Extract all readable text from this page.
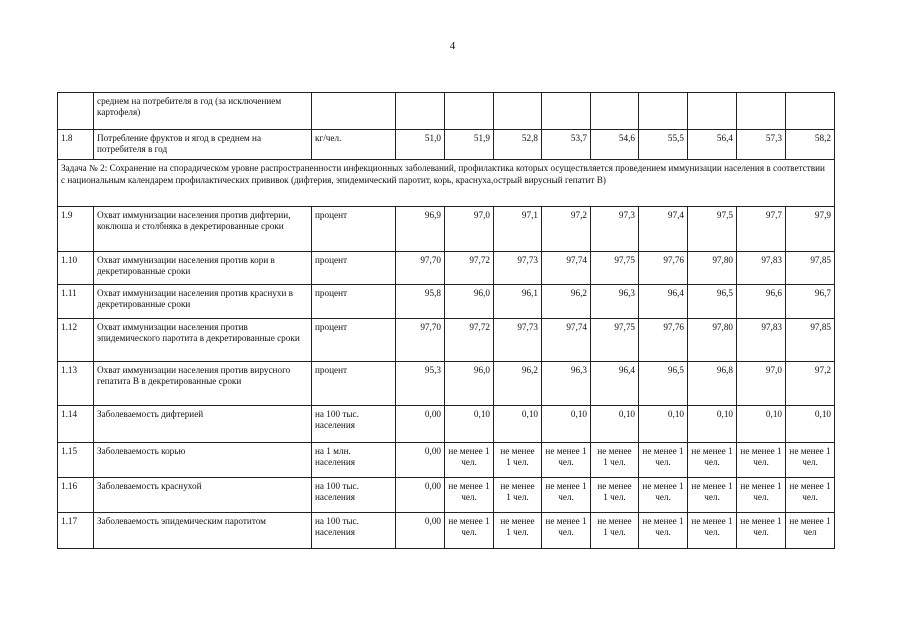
4
	среднем на потребителя в год (за исключением картофеля)										
1.8	Потребление фруктов и ягод в среднем на потребителя в год	кг/чел.	51,0	51,9	52,8	53,7	54,6	55,5	56,4	57,3	58,2
Задача № 2: Сохранение на спорадическом уровне распространенности инфекционных заболеваний, профилактика которых осуществляется проведением иммунизации населения в соответствии с национальным календарем профилактических прививок (дифтерия, эпидемический паротит, корь, краснуха,острый вирусный гепатит В)											
1.9	Охват иммунизации населения против дифтерии, коклюша и столбняка в декретированные сроки	процент	96,9	97,0	97,1	97,2	97,3	97,4	97,5	97,7	97,9
1.10	Охват иммунизации населения против кори в декретированные сроки	процент	97,70	97,72	97,73	97,74	97,75	97,76	97,80	97,83	97,85
1.11	Охват иммунизации населения против краснухи в декретированные сроки	процент	95,8	96,0	96,1	96,2	96,3	96,4	96,5	96,6	96,7
1.12	Охват иммунизации населения против эпидемического паротита в декретированные сроки	процент	97,70	97,72	97,73	97,74	97,75	97,76	97,80	97,83	97,85
1.13	Охват иммунизации населения против вирусного гепатита В в декретированные сроки	процент	95,3	96,0	96,2	96,3	96,4	96,5	96,8	97,0	97,2
1.14	Заболеваемость дифтерией	на 100 тыс. населения	0,00	0,10	0,10	0,10	0,10	0,10	0,10	0,10	0,10
1.15	Заболеваемость корью	на 1 млн. населения	0,00	не менее 1 чел.	не менее 1 чел.	не менее 1 чел.	не менее 1 чел.	не менее 1 чел.	не менее 1 чел.	не менее 1 чел.	не менее 1 чел.
1.16	Заболеваемость краснухой	на 100 тыс. населения	0,00	не менее 1 чел.	не менее 1 чел.	не менее 1 чел.	не менее 1 чел.	не менее 1 чел.	не менее 1 чел.	не менее 1 чел.	не менее 1 чел.
1.17	Заболеваемость эпидемическим паротитом	на 100 тыс. населения	0,00	не менее 1 чел.	не менее 1 чел.	не менее 1 чел.	не менее 1 чел.	не менее 1 чел.	не менее 1 чел.	не менее 1 чел.	не менее 1 чел
